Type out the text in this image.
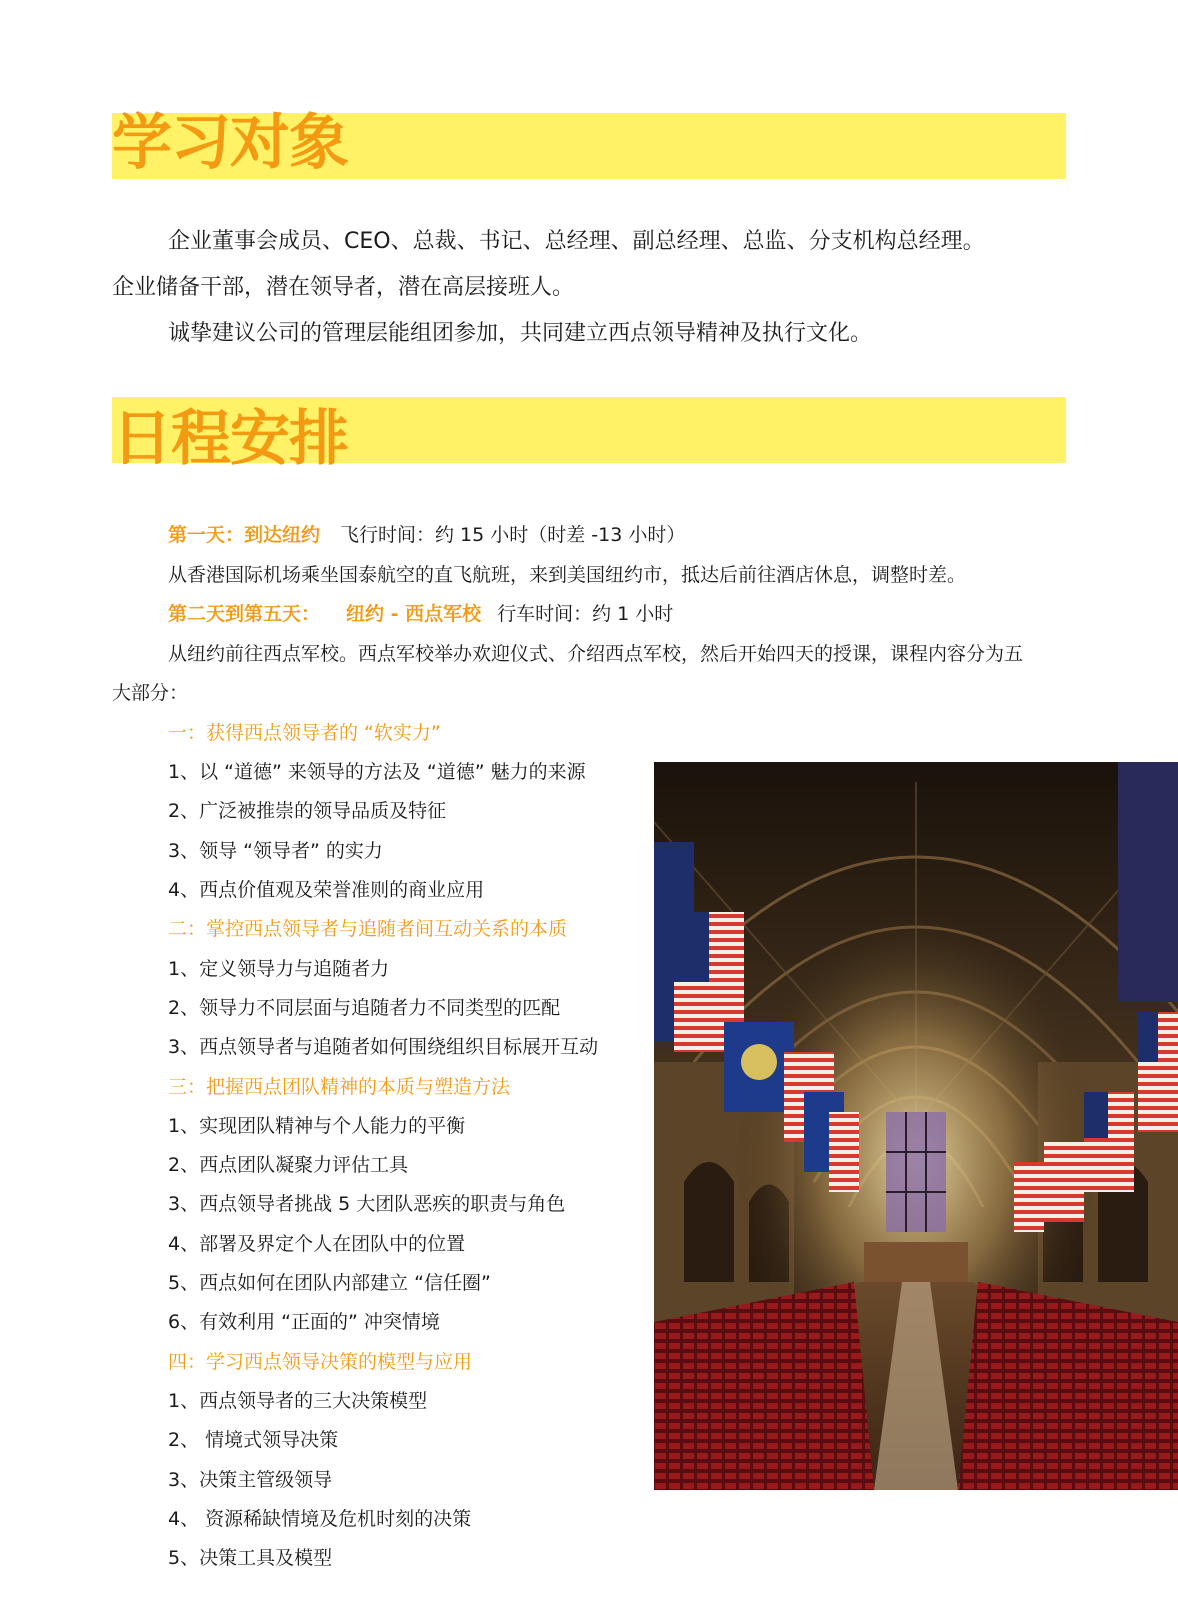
学习对象
企业董事会成员、CEO、总裁、书记、总经理、副总经理、总监、分支机构总经理。
企业储备干部，潜在领导者，潜在高层接班人。
诚挚建议公司的管理层能组团参加，共同建立西点领导精神及执行文化。
日程安排
第一天：到达纽约 飞行时间：约 15 小时（时差 -13 小时）
从香港国际机场乘坐国泰航空的直飞航班，来到美国纽约市，抵达后前往酒店休息，调整时差。
第二天到第五天： 纽约 - 西点军校 行车时间：约 1 小时
从纽约前往西点军校。西点军校举办欢迎仪式、介绍西点军校，然后开始四天的授课，课程内容分为五
大部分：
一：获得西点领导者的 “软实力”
1、以 “道德” 来领导的方法及 “道德” 魅力的来源
2、广泛被推崇的领导品质及特征
3、领导 “领导者” 的实力
4、西点价值观及荣誉准则的商业应用
二：掌控西点领导者与追随者间互动关系的本质
1、定义领导力与追随者力
2、领导力不同层面与追随者力不同类型的匹配
3、西点领导者与追随者如何围绕组织目标展开互动
三：把握西点团队精神的本质与塑造方法
1、实现团队精神与个人能力的平衡
2、西点团队凝聚力评估工具
3、西点领导者挑战 5 大团队恶疾的职责与角色
4、部署及界定个人在团队中的位置
5、西点如何在团队内部建立 “信任圈”
6、有效利用 “正面的” 冲突情境
四：学习西点领导决策的模型与应用
1、西点领导者的三大决策模型
2、 情境式领导决策
3、决策主管级领导
4、 资源稀缺情境及危机时刻的决策
5、决策工具及模型
